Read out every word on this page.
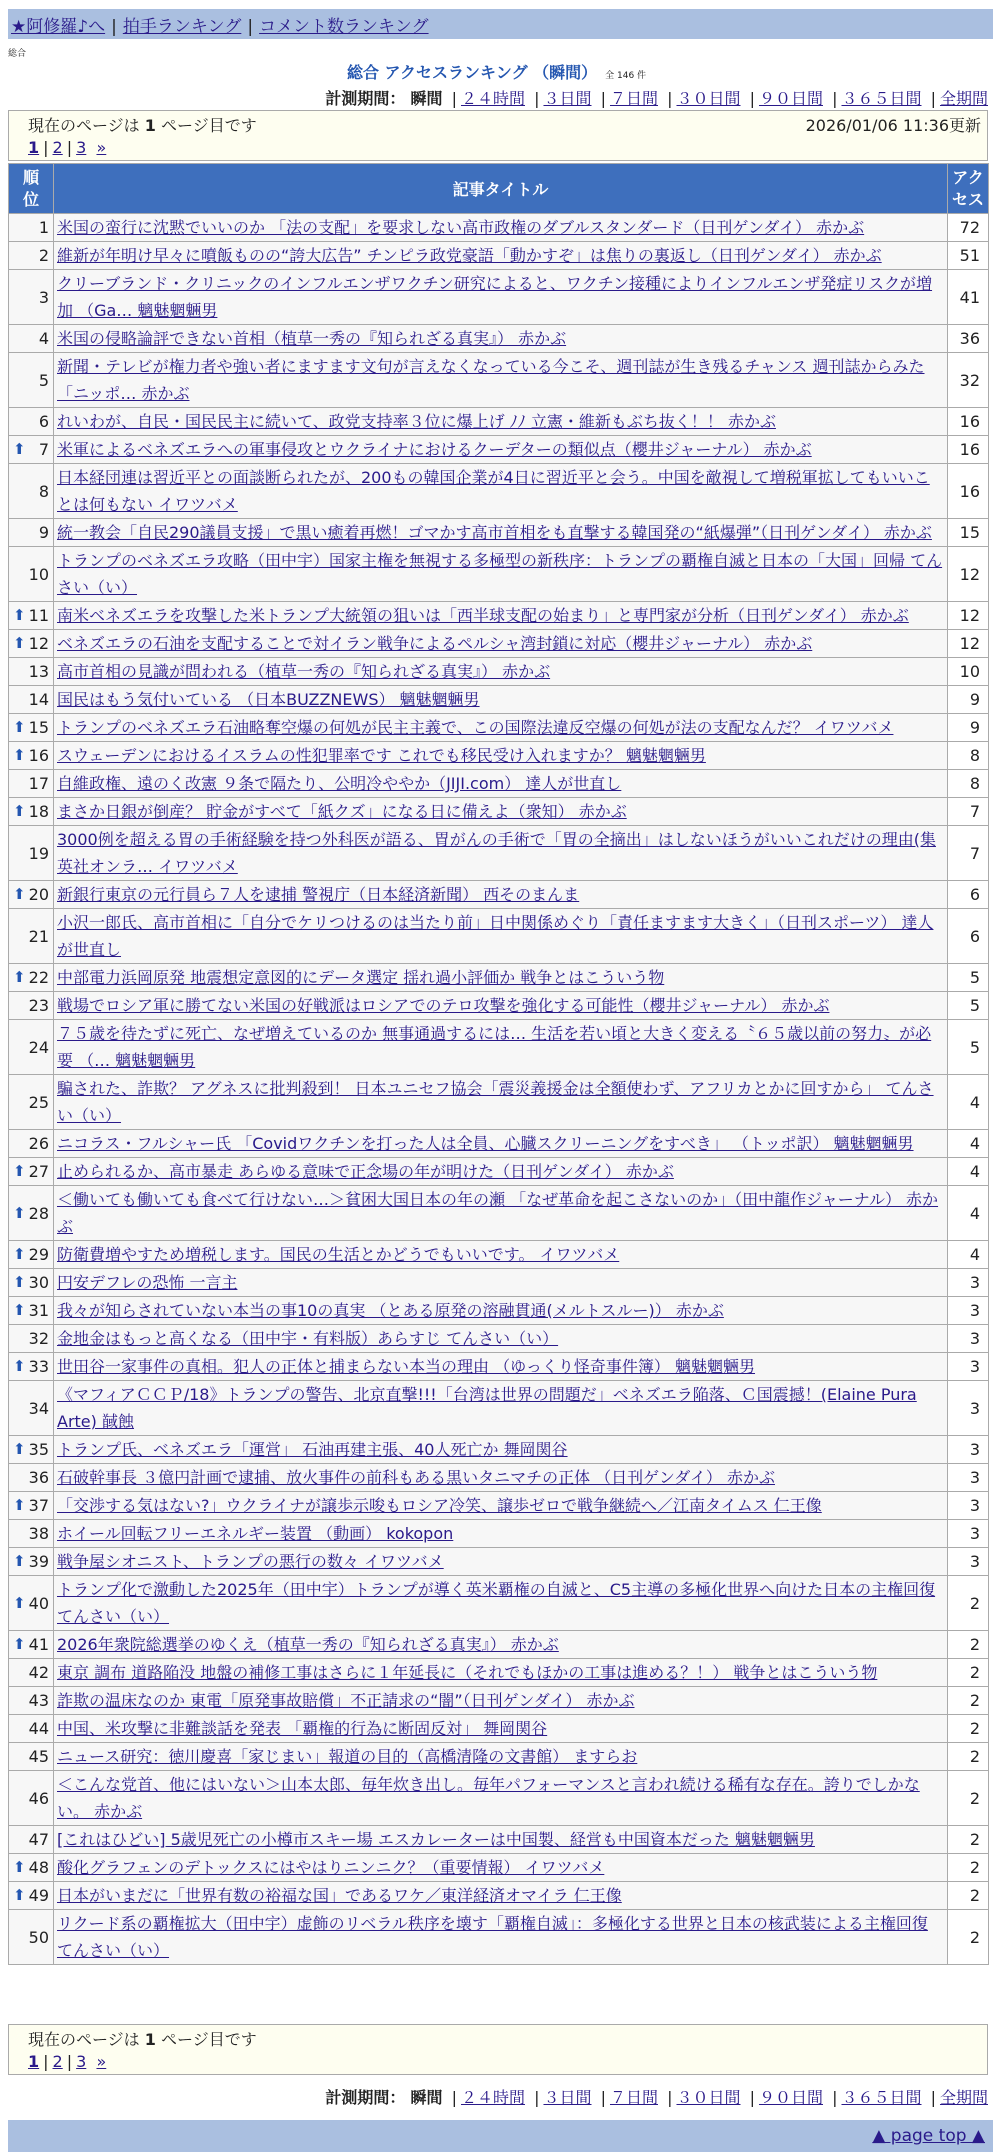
★阿修羅♪へ | 拍手ランキング | コメント数ランキング
総合
総合 アクセスランキング （瞬間） 全 146 件
計測期間： 瞬間 | ２４時間 | ３日間 | ７日間 | ３０日間 | ９０日間 | ３６５日間 | 全期間
現在のページは 1 ページ目です	2026/01/06 11:36更新
1 | 2 | 3 »
順位	記事タイトル	アクセス
1	米国の蛮行に沈黙でいいのか 「法の支配」を要求しない高市政権のダブルスタンダード（日刊ゲンダイ） 赤かぶ	72
2	維新が年明け早々に噴飯ものの“誇大広告” チンピラ政党豪語「動かすぞ」は焦りの裏返し（日刊ゲンダイ） 赤かぶ	51
3	クリーブランド・クリニックのインフルエンザワクチン研究によると、ワクチン接種によりインフルエンザ発症リスクが増加 （Ga… 魑魅魍魎男	41
4	米国の侵略論評できない首相（植草一秀の『知られざる真実』） 赤かぶ	36
5	新聞・テレビが権力者や強い者にますます文句が言えなくなっている今こそ、週刊誌が生き残るチャンス 週刊誌からみた「ニッポ… 赤かぶ	32
6	れいわが、自民・国民民主に続いて、政党支持率３位に爆上げ ﾉﾉ 立憲・維新もぶち抜く！！ 赤かぶ	16

⬆ 7	米軍によるベネズエラへの軍事侵攻とウクライナにおけるクーデターの類似点（櫻井ジャーナル） 赤かぶ	16
8	日本経団連は習近平との面談断られたが、200もの韓国企業が4日に習近平と会う。中国を敵視して増税軍拡してもいいことは何もない イワツバメ	16
9	統一教会「自民290議員支援」で黒い癒着再燃！ゴマかす高市首相をも直撃する韓国発の“紙爆弾”（日刊ゲンダイ） 赤かぶ	15
10	トランプのベネズエラ攻略（田中宇）国家主権を無視する多極型の新秩序：トランプの覇権自滅と日本の「大国」回帰 てんさい（い）	12

⬆ 11	南米ベネズエラを攻撃した米トランプ大統領の狙いは「西半球支配の始まり」と専門家が分析（日刊ゲンダイ） 赤かぶ	12

⬆ 12	ベネズエラの石油を支配することで対イラン戦争によるペルシャ湾封鎖に対応（櫻井ジャーナル） 赤かぶ	12
13	高市首相の見識が問われる（植草一秀の『知られざる真実』） 赤かぶ	10
14	国民はもう気付いている （日本BUZZNEWS） 魑魅魍魎男	9

⬆ 15	トランプのベネズエラ石油略奪空爆の何処が民主主義で、この国際法違反空爆の何処が法の支配なんだ？ イワツバメ	9

⬆ 16	スウェーデンにおけるイスラムの性犯罪率です これでも移民受け入れますか？ 魑魅魍魎男	8
17	自維政権、遠のく改憲 ９条で隔たり、公明冷ややか（JIJI.com） 達人が世直し	8

⬆ 18	まさか日銀が倒産？ 貯金がすべて「紙クズ」になる日に備えよ（衆知） 赤かぶ	7
19	3000例を超える胃の手術経験を持つ外科医が語る、胃がんの手術で「胃の全摘出」はしないほうがいいこれだけの理由(集英社オンラ… イワツバメ	7

⬆ 20	新銀行東京の元行員ら７人を逮捕 警視庁（日本経済新聞） 西そのまんま	6
21	小沢一郎氏、高市首相に「自分でケリつけるのは当たり前」日中関係めぐり「責任ますます大きく」（日刊スポーツ） 達人が世直し	6

⬆ 22	中部電力浜岡原発 地震想定意図的にデータ選定 揺れ過小評価か 戦争とはこういう物	5
23	戦場でロシア軍に勝てない米国の好戦派はロシアでのテロ攻撃を強化する可能性（櫻井ジャーナル） 赤かぶ	5
24	７５歳を待たずに死亡、なぜ増えているのか 無事通過するには… 生活を若い頃と大きく変える〝６５歳以前の努力〟が必要 （… 魑魅魍魎男	5
25	騙された、詐欺？ アグネスに批判殺到！ 日本ユニセフ協会「震災義援金は全額使わず、アフリカとかに回すから」 てんさい（い）	4
26	ニコラス・フルシャー氏 「Covidワクチンを打った人は全員、心臓スクリーニングをすべき」 （トッポ訳） 魑魅魍魎男	4

⬆ 27	止められるか、高市暴走 あらゆる意味で正念場の年が明けた（日刊ゲンダイ） 赤かぶ	4

⬆ 28	＜働いても働いても食べて行けない…＞貧困大国日本の年の瀬 「なぜ革命を起こさないのか」（田中龍作ジャーナル） 赤かぶ	4

⬆ 29	防衛費増やすため増税します。国民の生活とかどうでもいいです。 イワツバメ	4

⬆ 30	円安デフレの恐怖 一言主	3

⬆ 31	我々が知らされていない本当の事10の真実 （とある原発の溶融貫通(メルトスルー)） 赤かぶ	3
32	金地金はもっと高くなる（田中宇・有料版）あらすじ てんさい（い）	3

⬆ 33	世田谷一家事件の真相。犯人の正体と捕まらない本当の理由 （ゆっくり怪奇事件簿） 魑魅魍魎男	3
34	《マフィアＣＣＰ/18》トランプの警告、北京直撃!!!「台湾は世界の問題だ」ベネズエラ陥落、Ｃ国震撼！(Elaine Pura Arte) 馘蝕	3

⬆ 35	トランプ氏、ベネズエラ「運営」 石油再建主張、40人死亡か 舞岡関谷	3
36	石破幹事長 ３億円計画で逮捕、放火事件の前科もある黒いタニマチの正体 （日刊ゲンダイ） 赤かぶ	3

⬆ 37	「交渉する気はない?」ウクライナが譲歩示唆もロシア冷笑、譲歩ゼロで戦争継続へ／江南タイムス 仁王像	3
38	ホイール回転フリーエネルギー装置 （動画） kokopon	3

⬆ 39	戦争屋シオニスト、トランプの悪行の数々 イワツバメ	3

⬆ 40	トランプ化で激動した2025年（田中宇）トランプが導く英米覇権の自滅と、C5主導の多極化世界へ向けた日本の主権回復 てんさい（い）	2

⬆ 41	2026年衆院総選挙のゆくえ（植草一秀の『知られざる真実』） 赤かぶ	2
42	東京 調布 道路陥没 地盤の補修工事はさらに１年延長に（それでもほかの工事は進める？！） 戦争とはこういう物	2
43	詐欺の温床なのか 東電「原発事故賠償」不正請求の“闇”（日刊ゲンダイ） 赤かぶ	2
44	中国、米攻撃に非難談話を発表 「覇権的行為に断固反対」 舞岡関谷	2
45	ニュース研究：徳川慶喜「家じまい」報道の目的（高橋清隆の文書館） ますらお	2
46	＜こんな党首、他にはいない＞山本太郎、毎年炊き出し。毎年パフォーマンスと言われ続ける稀有な存在。誇りでしかない。 赤かぶ	2
47	[これはひどい] 5歳児死亡の小樽市スキー場 エスカレーターは中国製、経営も中国資本だった 魑魅魍魎男	2

⬆ 48	酸化グラフェンのデトックスにはやはりニンニク？（重要情報） イワツバメ	2

⬆ 49	日本がいまだに「世界有数の裕福な国」であるワケ／東洋経済オマイラ 仁王像	2
50	リクード系の覇権拡大（田中宇）虚飾のリベラル秩序を壊す「覇権自滅」：多極化する世界と日本の核武装による主権回復 てんさい（い）	2
現在のページは 1 ページ目です
1 | 2 | 3 »
計測期間： 瞬間 | ２４時間 | ３日間 | ７日間 | ３０日間 | ９０日間 | ３６５日間 | 全期間
▲ page top ▲
